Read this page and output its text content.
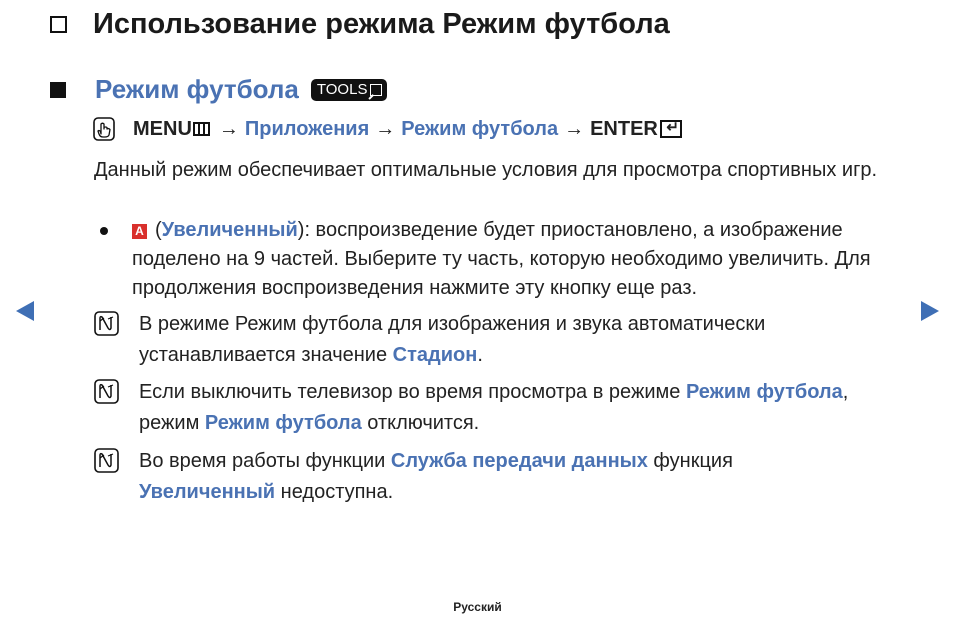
Использование режима Режим футбола
Режим футбола TOOLS
MENU → Приложения → Режим футбола → ENTER
↵
Данный режим обеспечивает оптимальные условия для просмотра спортивных игр.
A (Увеличенный): воспроизведение будет приостановлено, а изображение поделено на 9 частей. Выберите ту часть, которую необходимо увеличить. Для продолжения воспроизведения нажмите эту кнопку еще раз.
В режиме Режим футбола для изображения и звука автоматически устанавливается значение Стадион.
Если выключить телевизор во время просмотра в режиме Режим футбола, режим Режим футбола отключится.
Во время работы функции Служба передачи данных функция Увеличенный недоступна.
Русский
